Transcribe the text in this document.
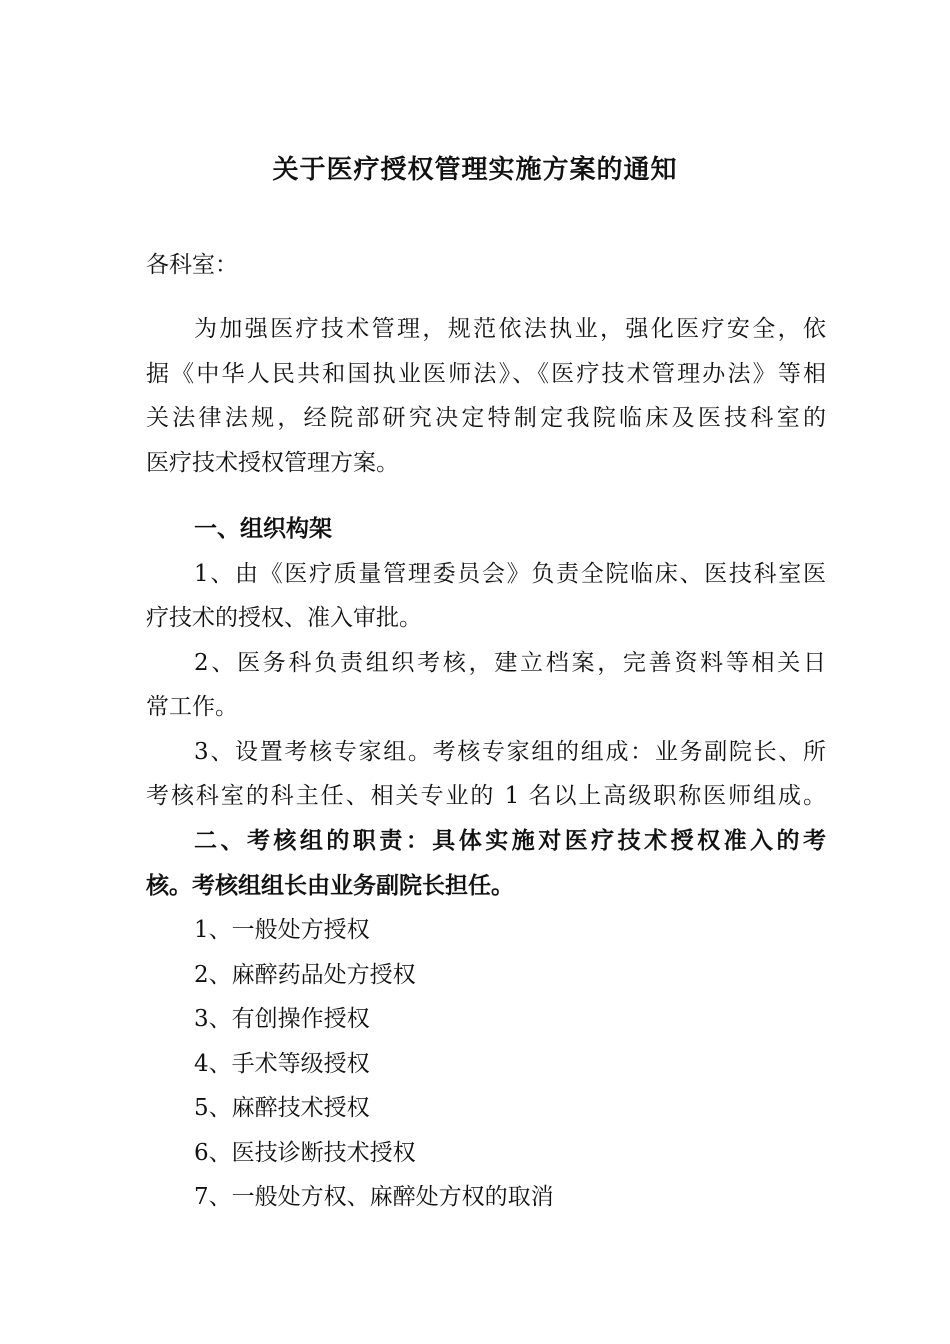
关于医疗授权管理实施方案的通知
各科室：
为加强医疗技术管理，规范依法执业，强化医疗安全，依
据《中华人民共和国执业医师法》、《医疗技术管理办法》等相
关法律法规，经院部研究决定特制定我院临床及医技科室的
医疗技术授权管理方案。
一、组织构架
1、由《医疗质量管理委员会》负责全院临床、医技科室医
疗技术的授权、准入审批。
2、医务科负责组织考核，建立档案，完善资料等相关日
常工作。
3、设置考核专家组。考核专家组的组成：业务副院长、所
考核科室的科主任、相关专业的 1 名以上高级职称医师组成。
二、考核组的职责：具体实施对医疗技术授权准入的考
核。考核组组长由业务副院长担任。
1、一般处方授权
2、麻醉药品处方授权
3、有创操作授权
4、手术等级授权
5、麻醉技术授权
6、医技诊断技术授权
7、一般处方权、麻醉处方权的取消
